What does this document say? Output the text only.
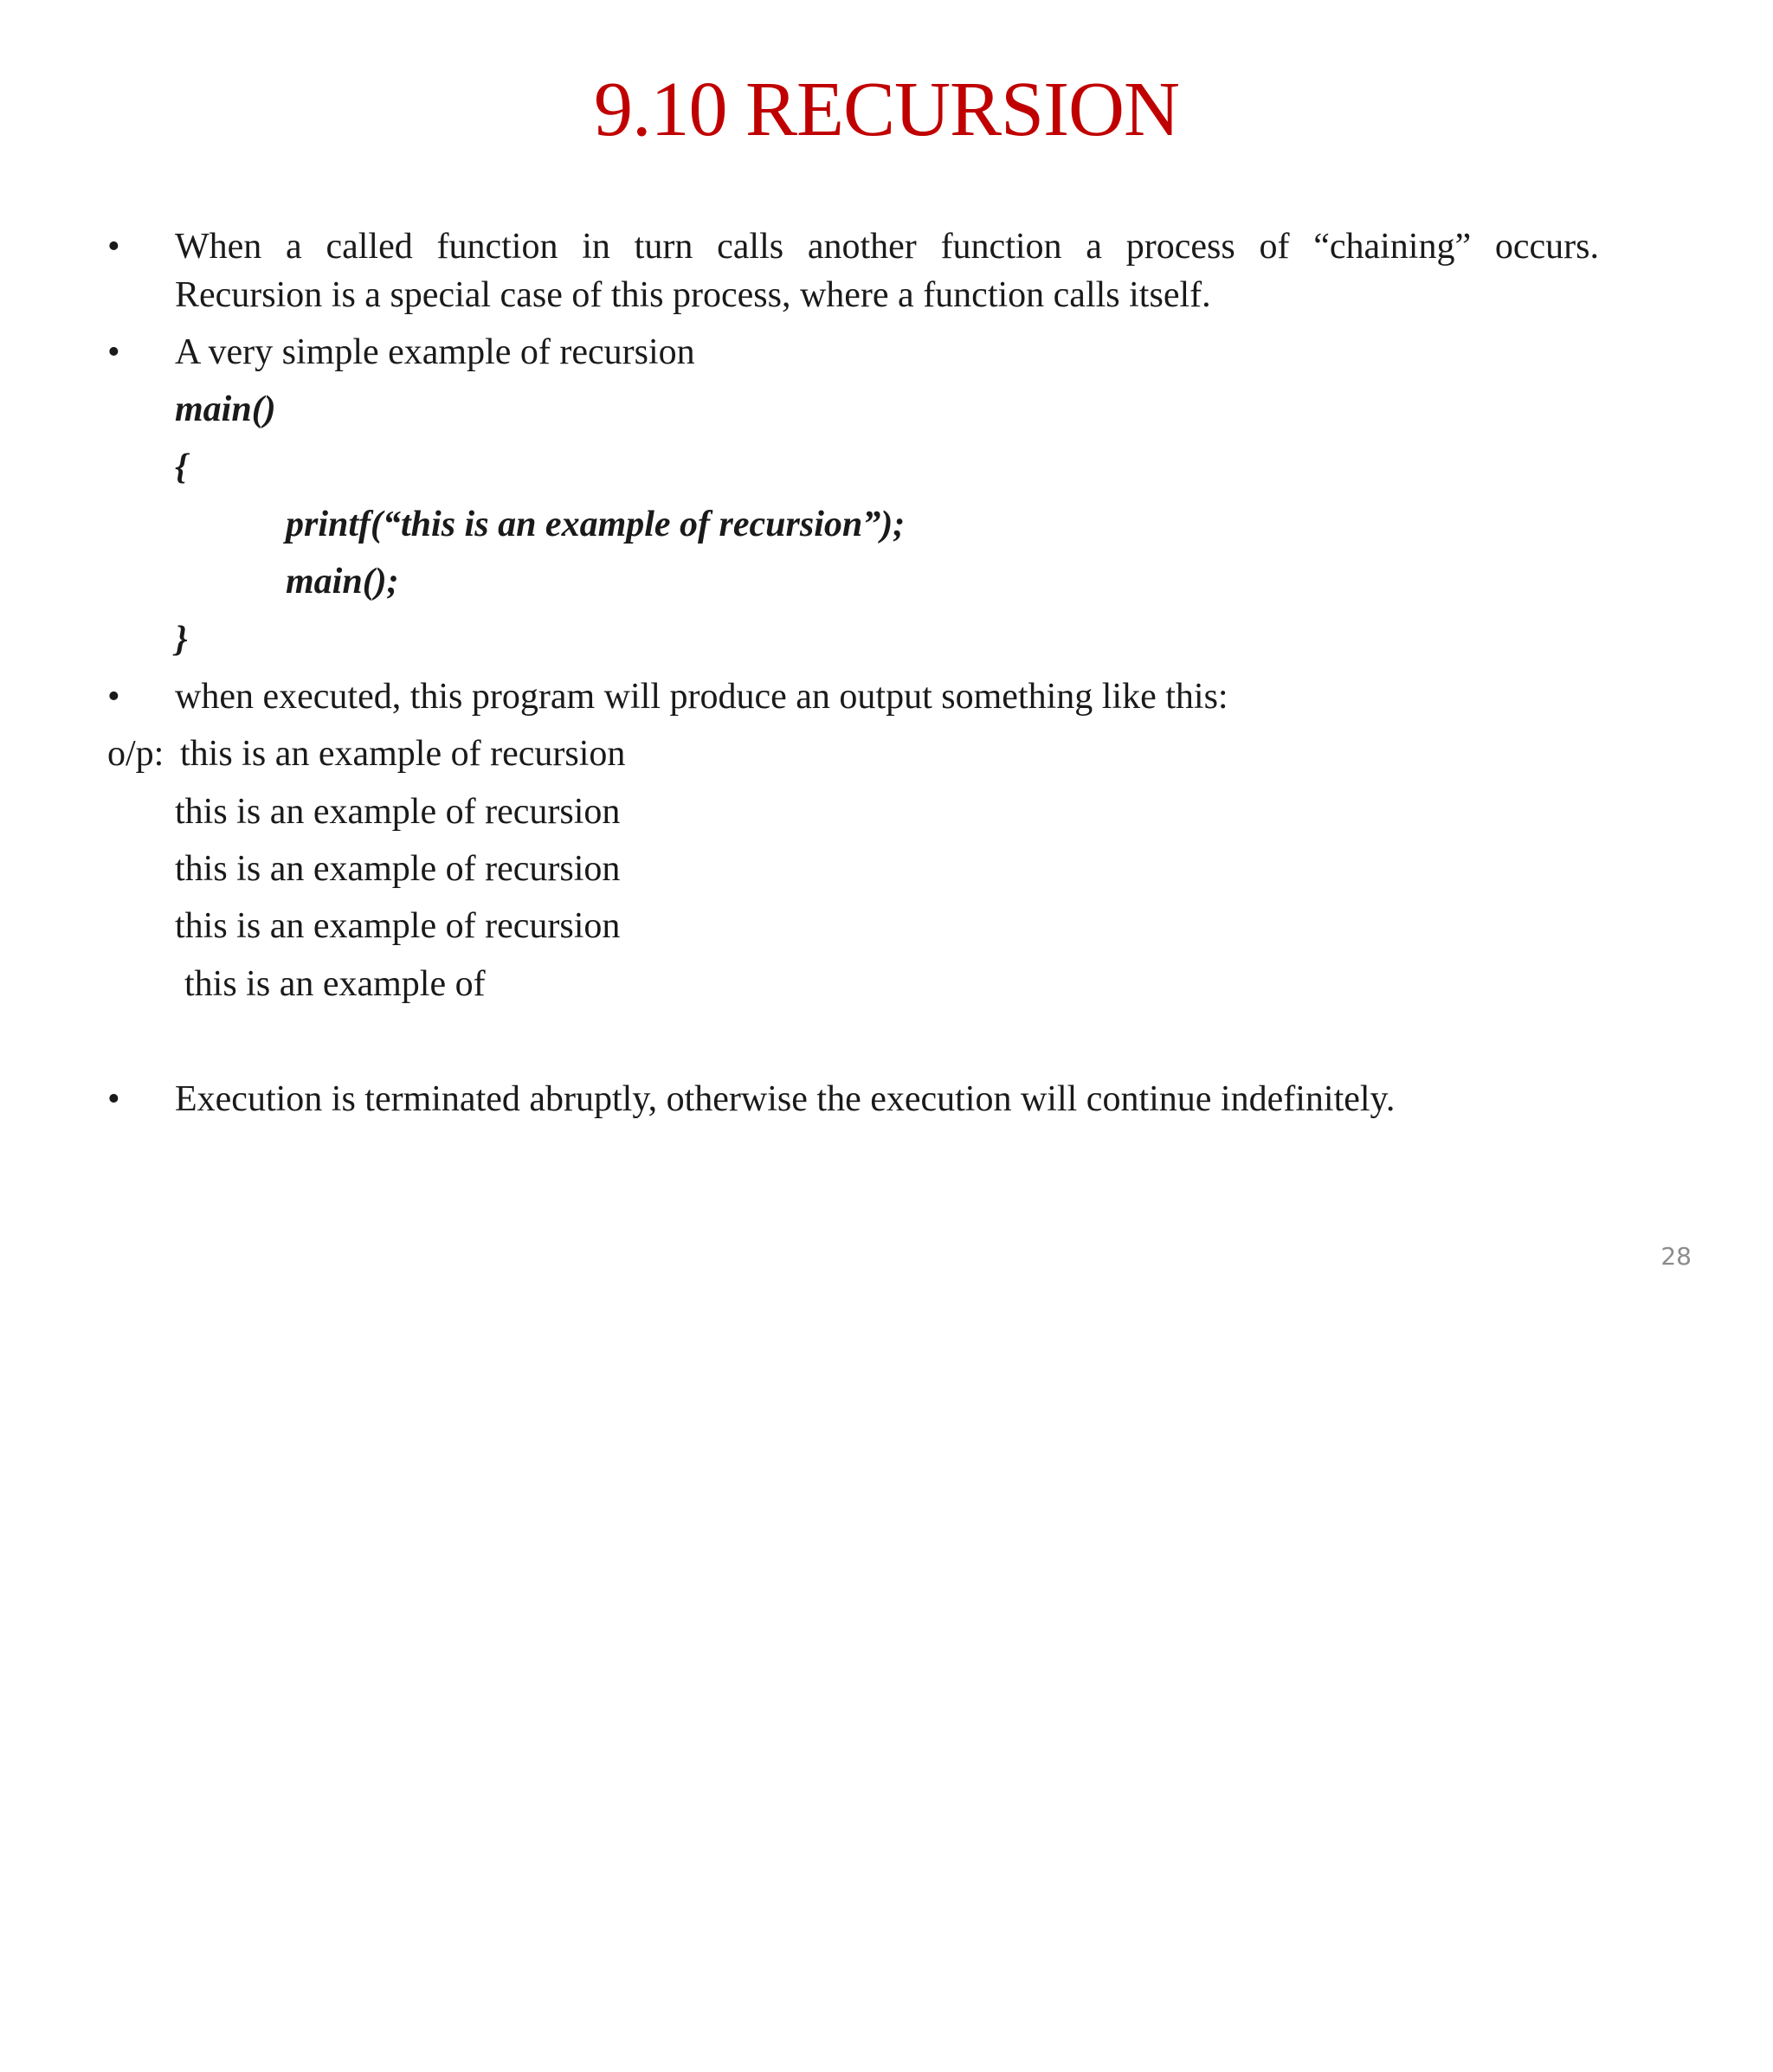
9.10 RECURSION

•

When a called function in turn calls another function a process of “chaining” occurs.

Recursion is a special case of this process, where a function calls itself.

•

A very simple example of recursion

main()

{

printf(“this is an example of recursion”);

main();

}

•

when executed, this program will produce an output something like this:

o/p:

this is an example of recursion

this is an example of recursion

this is an example of recursion

this is an example of recursion

this is an example of

•

Execution is terminated abruptly, otherwise the execution will continue indefinitely.

28
